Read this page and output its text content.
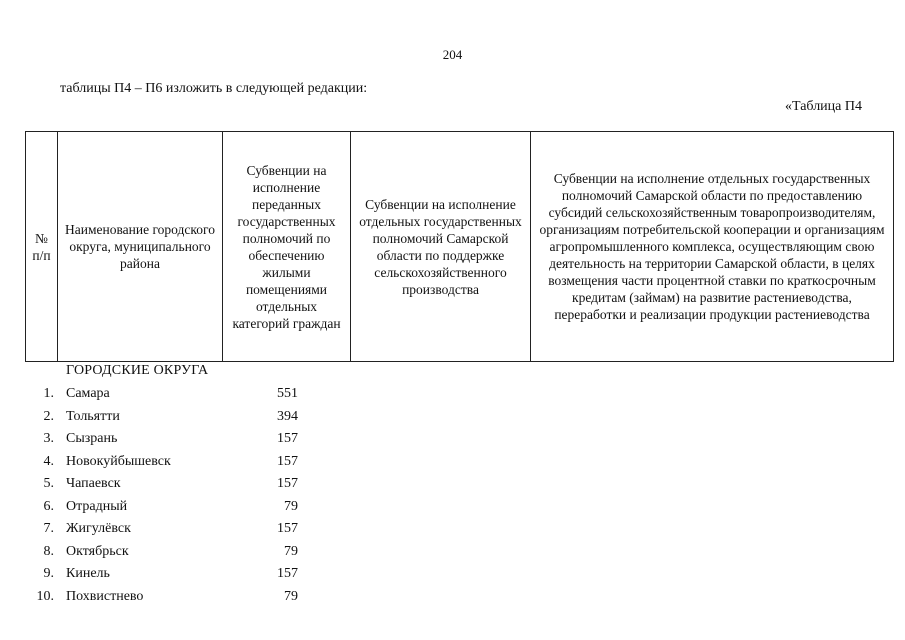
204
таблицы П4 – П6 изложить в следующей редакции:
«Таблица П4
№ п/п	Наименование городского округа, муниципального района	Субвенции на исполнение переданных государственных полномочий по обеспечению жилыми помещениями отдельных категорий граждан	Субвенции на исполнение отдельных государственных полномочий Самарской области по поддержке сельскохозяйственного производства	Субвенции на исполнение отдельных государственных полномочий Самарской области по предоставлению субсидий сельскохозяйственным товаропроизводителям, организациям потребительской кооперации и организациям агропромышленного комплекса, осуществляющим свою деятельность на территории Самарской области, в целях возмещения части процентной ставки по краткосрочным кредитам (займам) на развитие растениеводства, переработки и реализации продукции растениеводства
ГОРОДСКИЕ ОКРУГА
1. Самара	551
2. Тольятти	394
3. Сызрань	157
4. Новокуйбышевск	157
5. Чапаевск	157
6. Отрадный	79
7. Жигулёвск	157
8. Октябрьск	79
9. Кинель	157
10. Похвистнево	79
